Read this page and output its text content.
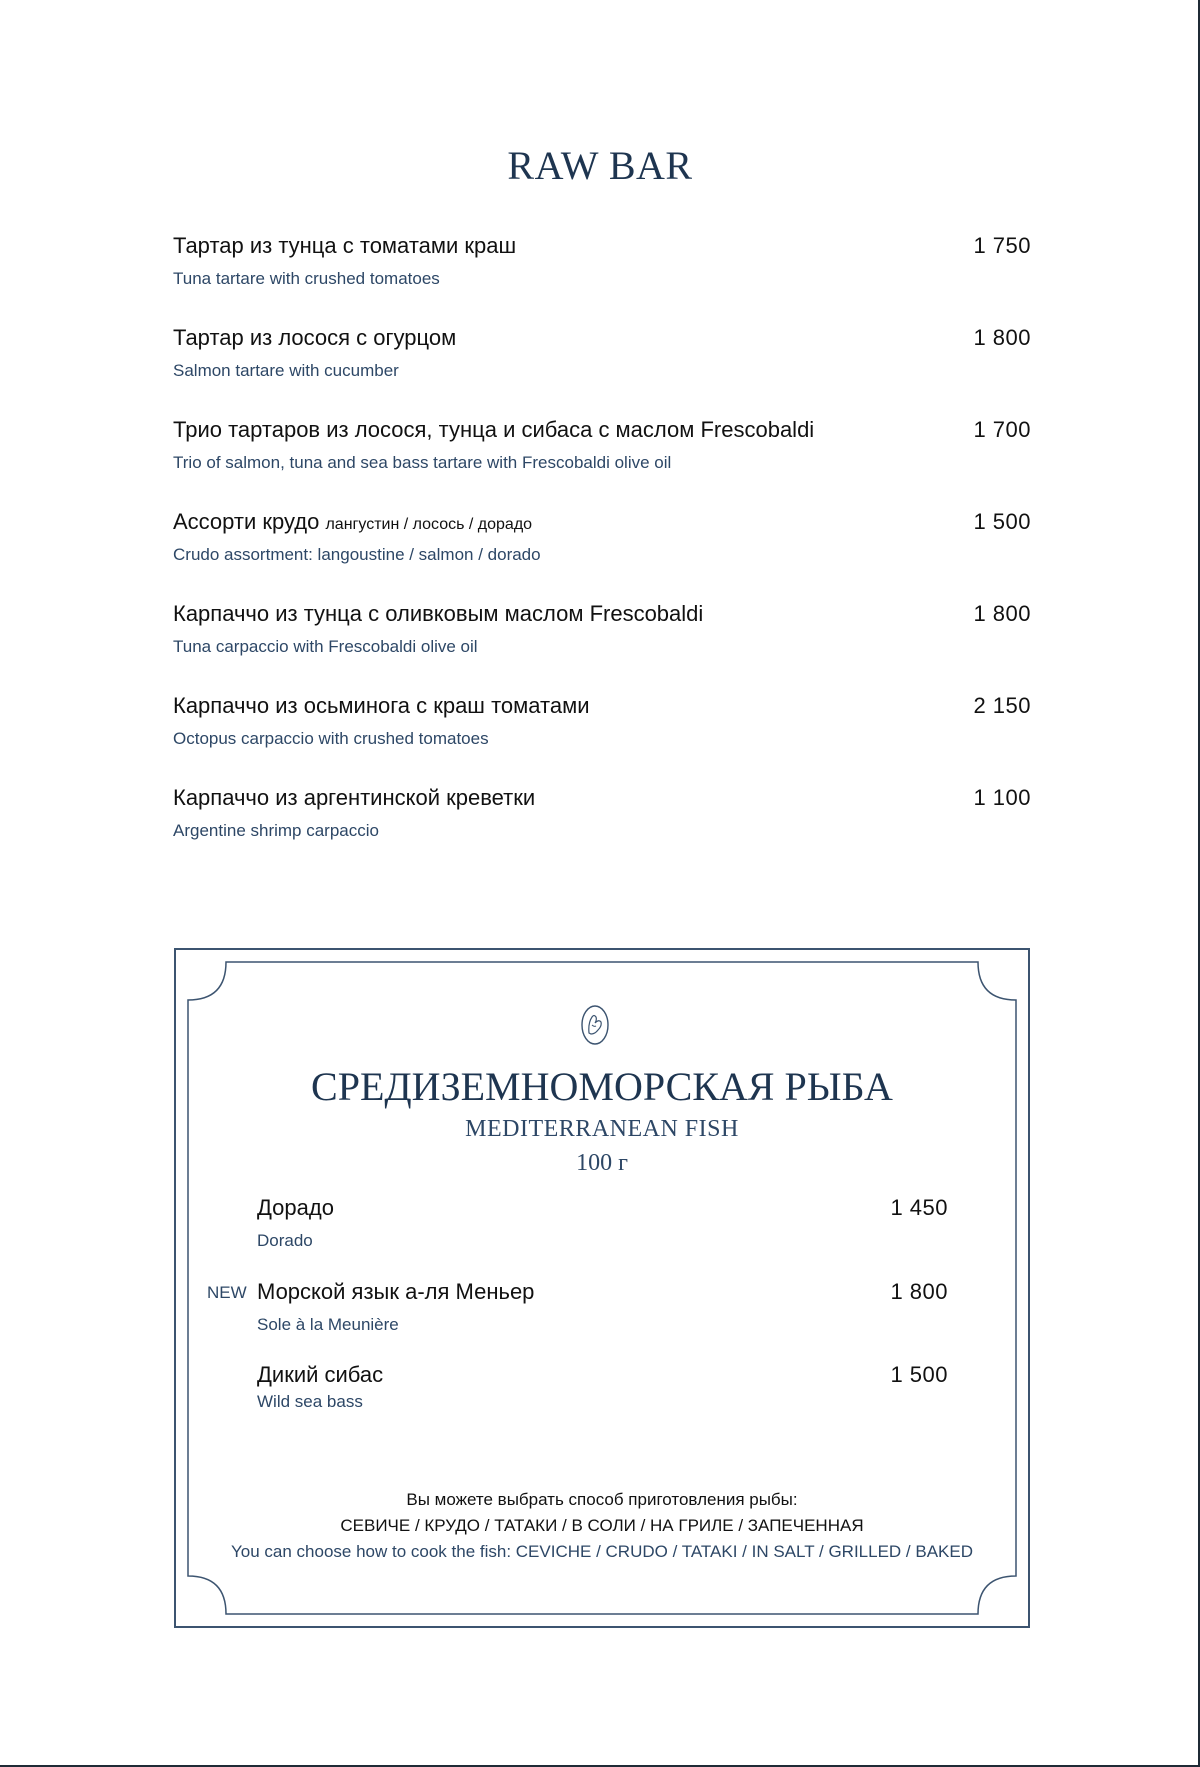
RAW BAR
Тартар из тунца с томатами краш	1 750
Tuna tartare with crushed tomatoes
Тартар из лосося с огурцом	1 800
Salmon tartare with cucumber
Трио тартаров из лосося, тунца и сибаса с маслом Frescobaldi	1 700
Trio of salmon, tuna and sea bass tartare with Frescobaldi olive oil
Ассорти крудо лангустин / лосось / дорадо	1 500
Crudo assortment: langoustine / salmon / dorado
Карпаччо из тунца с оливковым маслом Frescobaldi	1 800
Tuna carpaccio with Frescobaldi olive oil
Карпаччо из осьминога с краш томатами	2 150
Octopus carpaccio with crushed tomatoes
Карпаччо из аргентинской креветки	1 100
Argentine shrimp carpaccio
СРЕДИЗЕМНОМОРСКАЯ РЫБА
MEDITERRANEAN FISH
100 г
Дорадо	1 450
Dorado
NEW Морской язык а-ля Меньер	1 800
Sole à la Meunière
Дикий сибас	1 500
Wild sea bass
Вы можете выбрать способ приготовления рыбы:
СЕВИЧЕ / КРУДО / ТАТАКИ / В СОЛИ / НА ГРИЛЕ / ЗАПЕЧЕННАЯ
You can choose how to cook the fish: CEVICHE / CRUDO / TATAKI / IN SALT / GRILLED / BAKED
